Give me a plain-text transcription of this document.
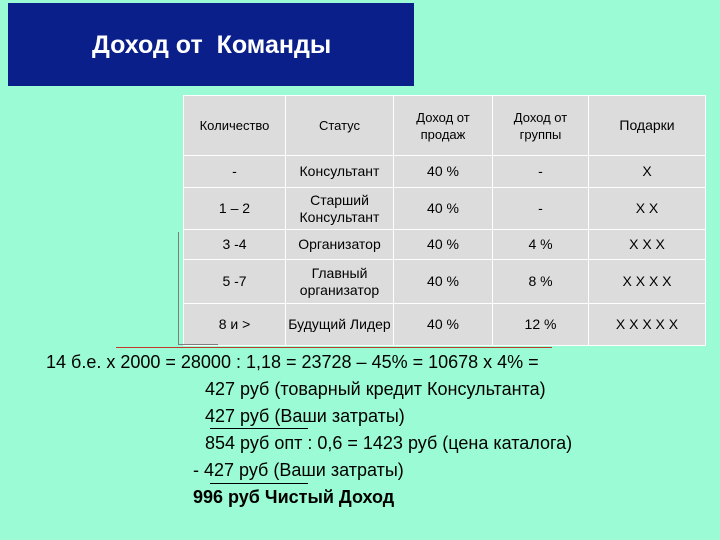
Доход от Команды
Количество	Статус	Доход от продаж	Доход от группы	Подарки
-	Консультант	40 %	-	Х
1 – 2	Старший Консультант	40 %	-	Х Х
3 -4	Организатор	40 %	4 %	Х Х Х
5 -7	Главный организатор	40 %	8 %	Х Х Х Х
8 и >	Будущий Лидер	40 %	12 %	Х Х Х Х Х
14 б.е. х 2000 = 28000 : 1,18 = 23728 – 45% = 10678 х 4% =
427 руб (товарный кредит Консультанта)
427 руб (Ваши затраты)
854 руб опт : 0,6 = 1423 руб (цена каталога)
- 427 руб (Ваши затраты)
996 руб Чистый Доход
